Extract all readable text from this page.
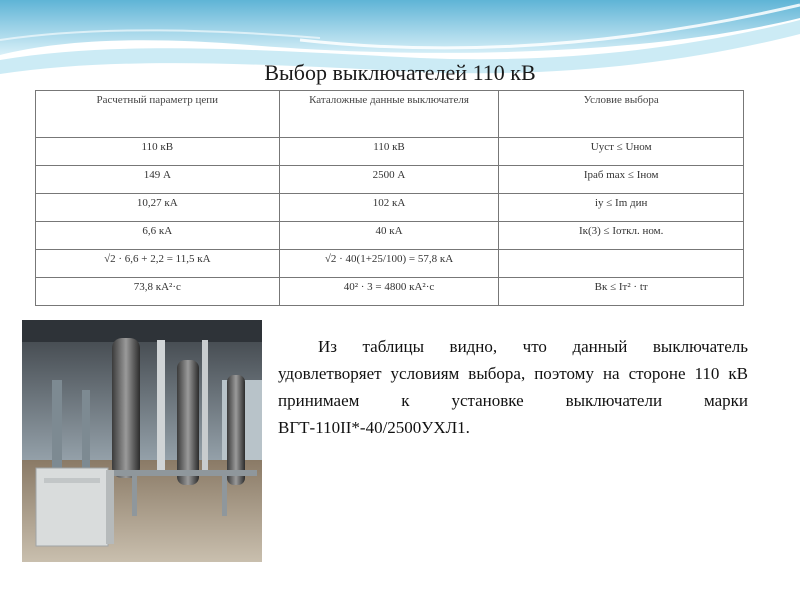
Выбор выключателей 110 кВ
Расчетный параметр цепи	Каталожные данные выключателя	Условие выбора
110 кВ	110 кВ	Uуст ≤ Uном
149 А	2500 А	Iраб max ≤ Iном
10,27 кА	102 кА	iу ≤ Im дин
6,6 кА	40 кА	Iк(3) ≤ Iоткл. ном.
√2 · 6,6 + 2,2 = 11,5 кА	√2 · 40(1+25/100) = 57,8 кА	
73,8 кА²·с	40² · 3 = 4800 кА²·с	Bк ≤ Iт² · tт
Из таблицы видно, что данный выключатель удовлетворяет условиям выбора, поэтому на стороне 110 кВ принимаем к установке выключатели марки ВГТ-110II*-40/2500УХЛ1.
